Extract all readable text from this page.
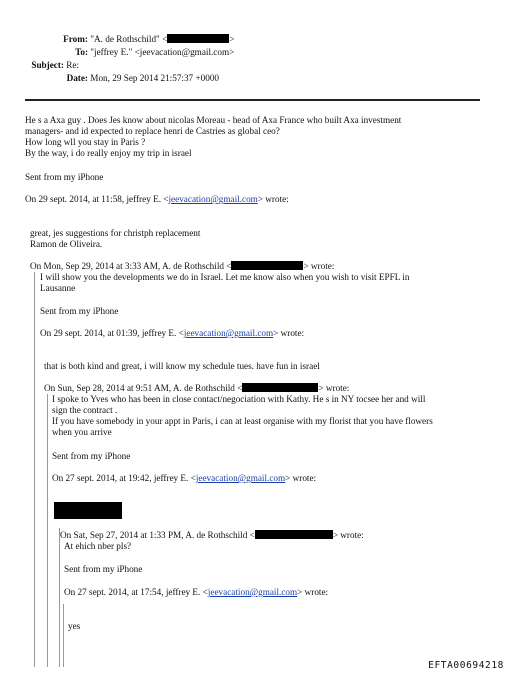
From: "A. de Rothschild" <	>
To: "jeffrey E." <jeevacation@gmail.com>
Subject: Re:
Date: Mon, 29 Sep 2014 21:57:37 +0000
He s a Axa guy . Does Jes know about nicolas Moreau - head of Axa France who built Axa investment
managers- and id expected to replace henri de Castries as global ceo?
How long wll you stay in Paris ?
By the way, i do really enjoy my trip in israel
Sent from my iPhone
On 29 sept. 2014, at 11:58, jeffrey E. <jeevacation@gmail.com> wrote:
great, jes suggestions for christph replacement
Ramon de Oliveira.
On Mon, Sep 29, 2014 at 3:33 AM, A. de Rothschild <	> wrote:
I will show you the developments we do in Israel. Let me know also when you wish to visit EPFL in
Lausanne
Sent from my iPhone
On 29 sept. 2014, at 01:39, jeffrey E. <jeevacation@gmail.com> wrote:
that is both kind and great, i will know my schedule tues. have fun in israel
On Sun, Sep 28, 2014 at 9:51 AM, A. de Rothschild <	> wrote:
I spoke to Yves who has been in close contact/negociation with Kathy. He s in NY tocsee her and will
sign the contract .
If you have somebody in your appt in Paris, i can at least organise with my florist that you have flowers
when you arrive
Sent from my iPhone
On 27 sept. 2014, at 19:42, jeffrey E. <jeevacation@gmail.com> wrote:
On Sat, Sep 27, 2014 at 1:33 PM, A. de Rothschild <	> wrote:
At ehich nber pls?
Sent from my iPhone
On 27 sept. 2014, at 17:54, jeffrey E. <jeevacation@gmail.com> wrote:
yes
EFTA00694218
